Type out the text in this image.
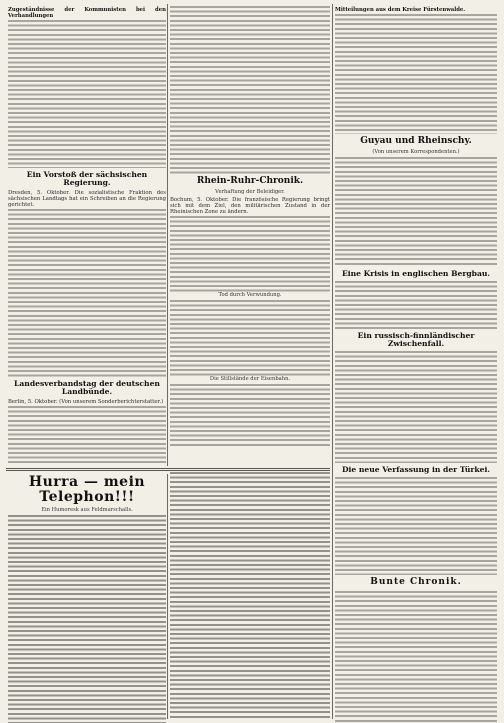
Zugeständnisse der Kommunisten bei den Verhandlungen

Ein Vorstoß der sächsischen Regierung.

Dresden, 5. Oktober. Die sozialistische Fraktion des sächsischen Landtags hat ein Schreiben an die Regierung gerichtet.

Landesverbandstag der deutschen Landbünde.

Berlin, 5. Oktober. (Von unserem Sonderberichterstatter.)

Rhein-Ruhr-Chronik.
Verhaftung der Beleidiger.

Bochum, 5. Oktober. Die französische Regierung bringt sich mit dem Ziel, den militärischen Zustand in der Rheinischen Zone zu ändern.

Tod durch Verwundung.
Die Stillstände der Eisenbahn.

Mitteilungen aus dem Kreise Fürstenwalde.

Guyau und Rheinschy.
(Von unserem Korrespondenten.)
Eine Krisis in englischen Bergbau.
Ein russisch-finnländischer Zwischenfall.
Die neue Verfassung in der Türkei.
Bunte Chronik.
Hurra — mein Telephon!!!
Ein Humoresk aus Feldmarschalls.
